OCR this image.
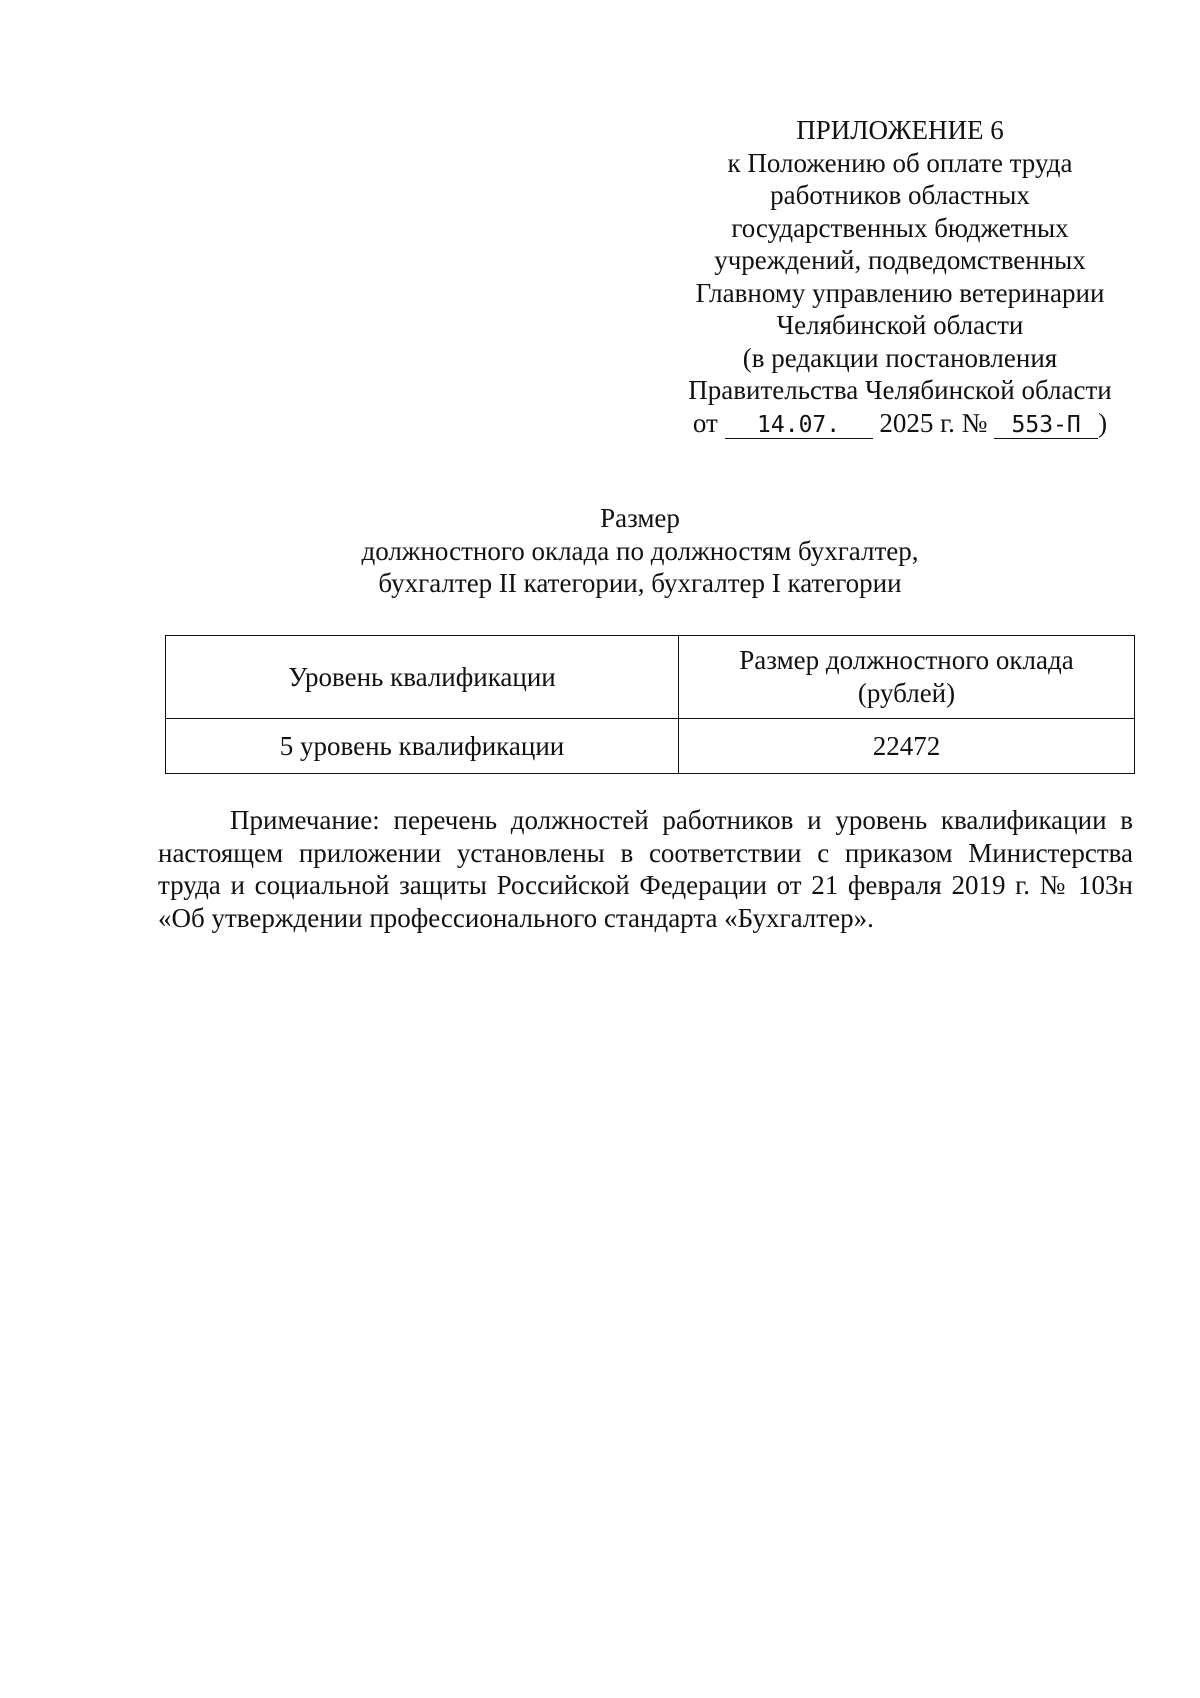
ПРИЛОЖЕНИЕ 6
к Положению об оплате труда
работников областных
государственных бюджетных
учреждений, подведомственных
Главному управлению ветеринарии
Челябинской области
(в редакции постановления
Правительства Челябинской области
от 14.07. 2025 г. № 553-П )
Размер
должностного оклада по должностям бухгалтер,
бухгалтер II категории, бухгалтер I категории
Уровень квалификации	Размер должностного оклада
(рублей)
5 уровень квалификации	22472

Примечание: перечень должностей работников и уровень квалификации в настоящем приложении установлены в соответствии с приказом Министерства труда и социальной защиты Российской Федерации от 21 февраля 2019 г. № 103н «Об утверждении профессионального стандарта «Бухгалтер».
